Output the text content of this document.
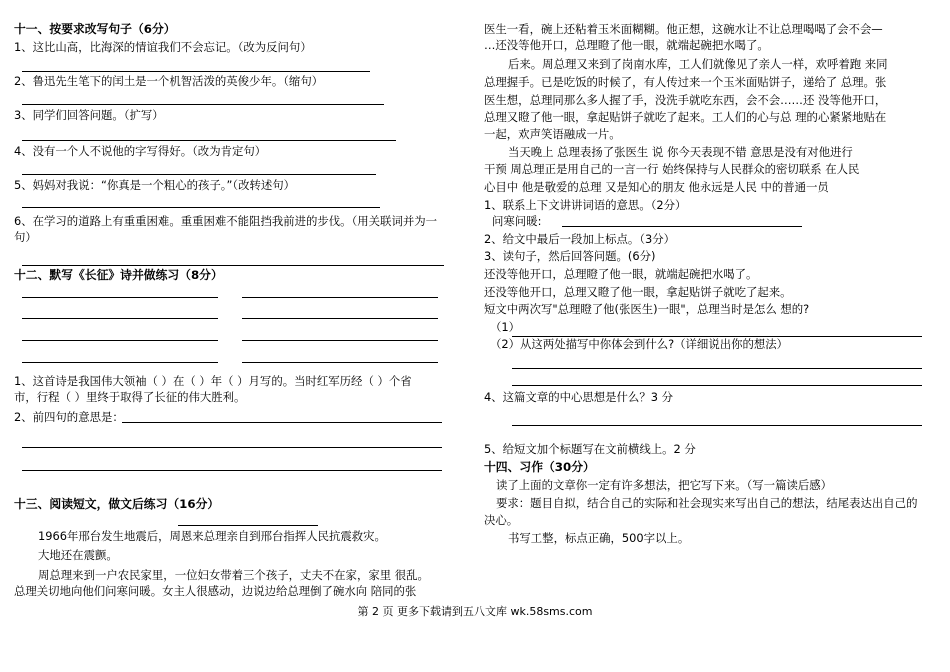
十一、按要求改写句子（6分）
1、这比山高，比海深的情谊我们不会忘记。（改为反问句）
2、鲁迅先生笔下的闰土是一个机智活泼的英俊少年。（缩句）
3、同学们回答问题。（扩写）
4、没有一个人不说他的字写得好。（改为肯定句）
5、妈妈对我说：“你真是一个粗心的孩子。”（改转述句）
6、在学习的道路上有重重困难。重重困难不能阻挡我前进的步伐。（用关联词并为一
句）
十二、默写《长征》诗并做练习（8分）
1、这首诗是我国伟大领袖（ ）在（ ）年（ ）月写的。当时红军历经（ ）个省
市，行程（ ）里终于取得了长征的伟大胜利。
2、前四句的意思是：
十三、阅读短文，做文后练习（16分）
1966年邢台发生地震后，周恩来总理亲自到邢台指挥人民抗震救灾。
大地还在震颤。
周总理来到一户农民家里，一位妇女带着三个孩子，丈夫不在家，家里 很乱。
总理关切地向他们问寒问暖。女主人很感动，边说边给总理倒了碗水向 陪同的张
医生一看，碗上还粘着玉米面糊糊。他正想，这碗水让不让总理喝喝了会不会—
…还没等他开口，总理瞪了他一眼，就端起碗把水喝了。
后来。周总理又来到了岗南水库，工人们就像见了亲人一样，欢呼着跑 来同
总理握手。已是吃饭的时候了，有人传过来一个玉米面贴饼子，递给了 总理。张
医生想，总理同那么多人握了手，没洗手就吃东西，会不会……还 没等他开口，
总理又瞪了他一眼，拿起贴饼子就吃了起来。工人们的心与总 理的心紧紧地贴在
一起，欢声笑语融成一片。
当天晚上 总理表扬了张医生 说 你今天表现不错 意思是没有对他进行
干预 周总理正是用自己的一言一行 始终保持与人民群众的密切联系 在人民
心目中 他是敬爱的总理 又是知心的朋友 他永远是人民 中的普通一员
1、联系上下文讲讲词语的意思。（2分）
问寒问暖:
2、给文中最后一段加上标点。（3分）
3、读句子，然后回答问题。(6分)
还没等他开口，总理瞪了他一眼，就端起碗把水喝了。
还没等他开口，总理又瞪了他一眼，拿起贴饼子就吃了起来。
短文中两次写"总理瞪了他(张医生)一眼"，总理当时是怎么 想的?
（1）
（2）从这两处描写中你体会到什么?（详细说出你的想法）
4、这篇文章的中心思想是什么？3 分
5、给短文加个标题写在文前横线上。2 分
十四、习作（30分）
读了上面的文章你一定有许多想法，把它写下来。（写一篇读后感）
要求：题目自拟，结合自己的实际和社会现实来写出自己的想法，结尾表达出自己的
决心。
书写工整，标点正确，500字以上。
第 2 页 更多下载请到五八文库 wk.58sms.com
